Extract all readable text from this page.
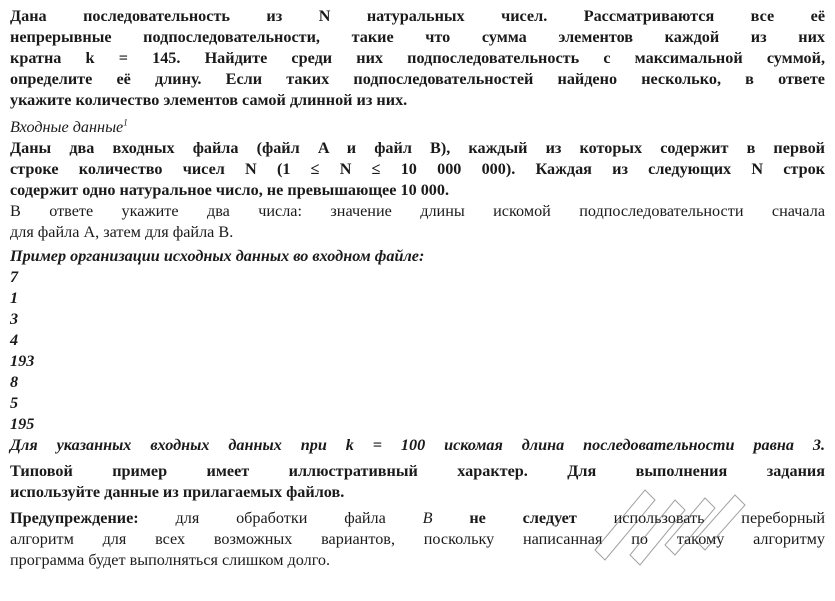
Дана последовательность из N натуральных чисел. Рассматриваются все её
непрерывные подпоследовательности, такие что сумма элементов каждой из них
кратна k = 145. Найдите среди них подпоследовательность с максимальной суммой,
определите её длину. Если таких подпоследовательностей найдено несколько, в ответе
укажите количество элементов самой длинной из них.
Входные данные$^1$
Даны два входных файла (файл A и файл B), каждый из которых содержит в первой
строке количество чисел N (1 ≤ N ≤ 10 000 000). Каждая из следующих N строк
содержит одно натуральное число, не превышающее 10 000.
В ответе укажите два числа: значение длины искомой подпоследовательности сначала
для файла A, затем для файла B.
Пример организации исходных данных во входном файле:
7
1
3
4
193
8
5
195
Для указанных входных данных при k = 100 искомая длина последовательности равна 3.
Типовой пример имеет иллюстративный характер. Для выполнения задания
используйте данные из прилагаемых файлов.
Предупреждение: для обработки файла B не следует использовать переборный
алгоритм для всех возможных вариантов, поскольку написанная по такому алгоритму
программа будет выполняться слишком долго.
